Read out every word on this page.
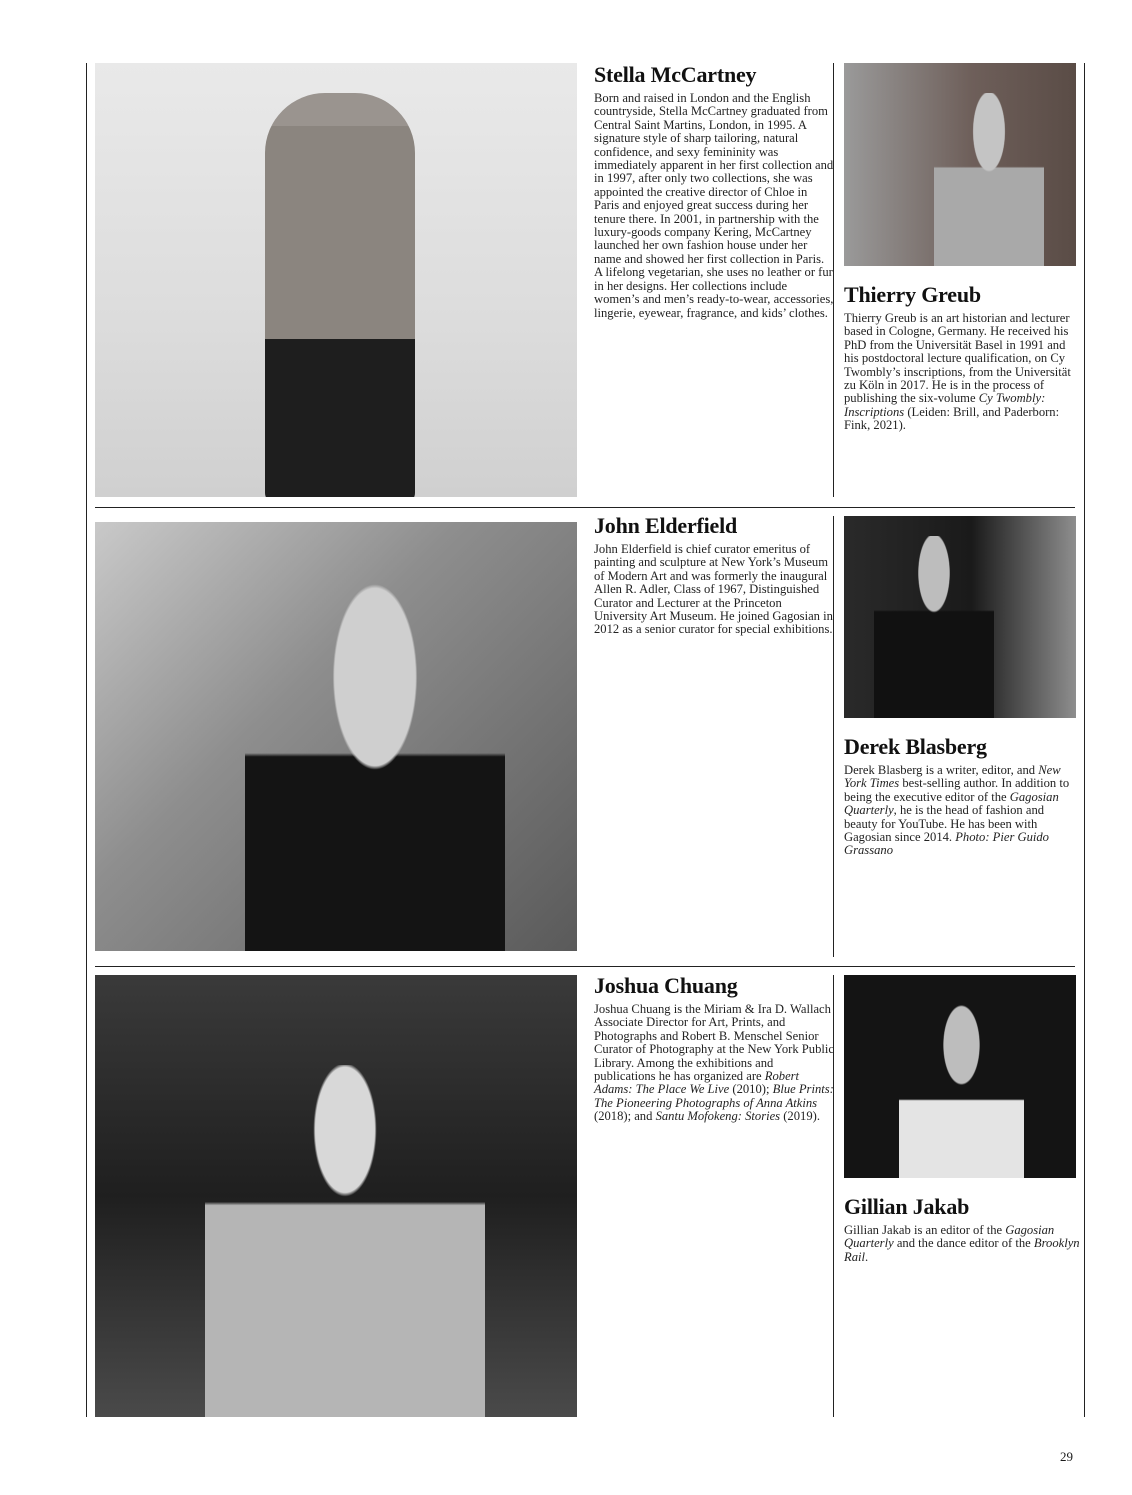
Stella McCartney

Born and raised in London and the English countryside, Stella McCartney graduated from Central Saint Martins, London, in 1995. A signature style of sharp tailoring, natural confidence, and sexy femininity was immediately apparent in her first collection and in 1997, after only two collections, she was appointed the creative director of Chloe in Paris and enjoyed great success during her tenure there. In 2001, in partnership with the luxury-goods company Kering, McCartney launched her own fashion house under her name and showed her first collection in Paris. A lifelong vegetarian, she uses no leather or fur in her designs. Her collections include women’s and men’s ready-to-wear, accessories, lingerie, eyewear, fragrance, and kids’ clothes.

Thierry Greub

Thierry Greub is an art historian and lecturer based in Cologne, Germany. He received his PhD from the Universität Basel in 1991 and his postdoctoral lecture qualification, on Cy Twombly’s inscriptions, from the Universität zu Köln in 2017. He is in the process of publishing the six-volume Cy Twombly: Inscriptions (Leiden: Brill, and Paderborn: Fink, 2021).

John Elderfield

John Elderfield is chief curator emeritus of painting and sculpture at New York’s Museum of Modern Art and was formerly the inaugural Allen R. Adler, Class of 1967, Distinguished Curator and Lecturer at the Princeton University Art Museum. He joined Gagosian in 2012 as a senior curator for special exhibitions.

Derek Blasberg

Derek Blasberg is a writer, editor, and New York Times best-selling author. In addition to being the executive editor of the Gagosian Quarterly, he is the head of fashion and beauty for YouTube. He has been with Gagosian since 2014. Photo: Pier Guido Grassano

Joshua Chuang

Joshua Chuang is the Miriam & Ira D. Wallach Associate Director for Art, Prints, and Photographs and Robert B. Menschel Senior Curator of Photography at the New York Public Library. Among the exhibitions and publications he has organized are Robert Adams: The Place We Live (2010); Blue Prints: The Pioneering Photographs of Anna Atkins (2018); and Santu Mofokeng: Stories (2019).

Gillian Jakab

Gillian Jakab is an editor of the Gagosian Quarterly and the dance editor of the Brooklyn Rail.

29
